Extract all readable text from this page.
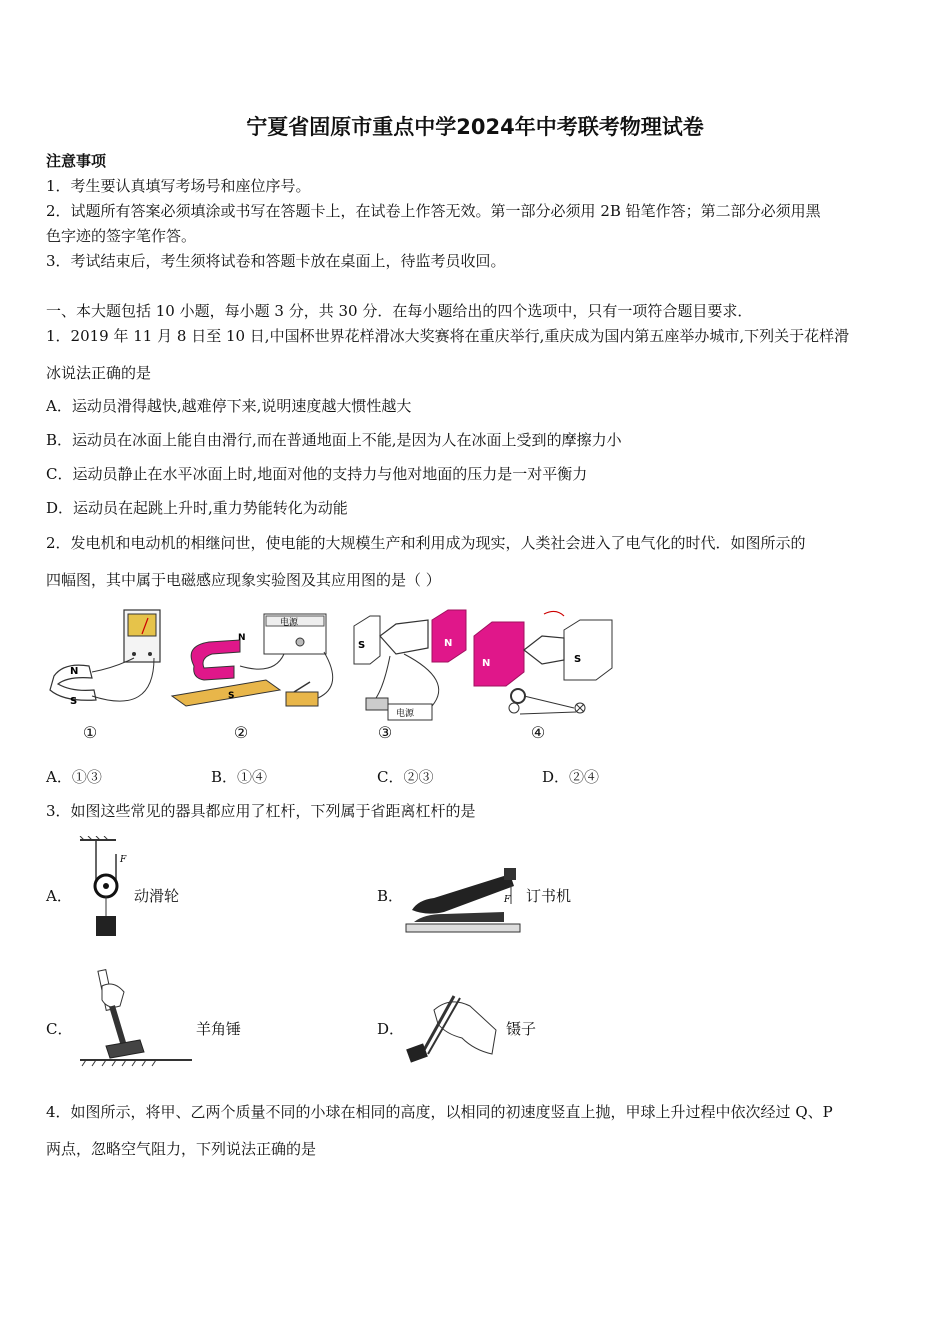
宁夏省固原市重点中学2024年中考联考物理试卷
注意事项
1．考生要认真填写考场号和座位序号。
2．试题所有答案必须填涂或书写在答题卡上，在试卷上作答无效。第一部分必须用 2B 铅笔作答；第二部分必须用黑
色字迹的签字笔作答。
3．考试结束后，考生须将试卷和答题卡放在桌面上，待监考员收回。
一、本大题包括 10 小题，每小题 3 分，共 30 分．在每小题给出的四个选项中，只有一项符合题目要求．
1．2019 年 11 月 8 日至 10 日,中国杯世界花样滑冰大奖赛将在重庆举行,重庆成为国内第五座举办城市,下列关于花样滑
冰说法正确的是
A．运动员滑得越快,越难停下来,说明速度越大惯性越大
B．运动员在冰面上能自由滑行,而在普通地面上不能,是因为人在冰面上受到的摩擦力小
C．运动员静止在水平冰面上时,地面对他的支持力与他对地面的压力是一对平衡力
D．运动员在起跳上升时,重力势能转化为动能
2．发电机和电动机的相继问世，使电能的大规模生产和利用成为现实，人类社会进入了电气化的时代．如图所示的
四幅图，其中属于电磁感应现象实验图及其应用图的是（ ）
N
S
电源
N
S
电源
S	N
N	S
①	②	③	④
A．①③	B．①④	C．②③	D．②④
3．如图这些常见的器具都应用了杠杆，下列属于省距离杠杆的是
A．
F
动滑轮	B．	F 订书机
C．	羊角锤	D．	镊子
4．如图所示，将甲、乙两个质量不同的小球在相同的高度，以相同的初速度竖直上抛，甲球上升过程中依次经过 Q、P
两点，忽略空气阻力，下列说法正确的是
